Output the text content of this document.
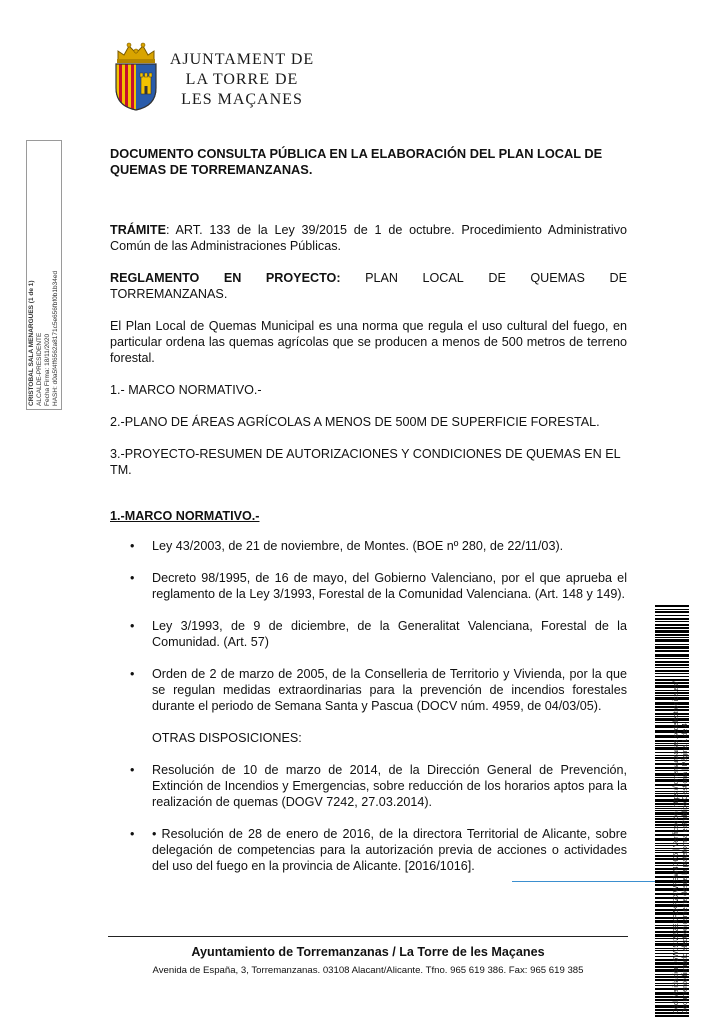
AJUNTAMENT DE
LA TORRE DE
LES MAÇANES
CRISTOBAL SALA MENARGUES (1 de 1) ALCALDE-PRESIDENTE Fecha Firma: 18/11/2020 HASH: d0a5f4ff6562a8171c5e656fbf0b1b34ed

DOCUMENTO CONSULTA PÚBLICA EN LA ELABORACIÓN DEL PLAN LOCAL DE QUEMAS DE TORREMANZANAS.

TRÁMITE: ART. 133 de la Ley 39/2015 de 1 de octubre. Procedimiento Administrativo Común de las Administraciones Públicas.

REGLAMENTO EN PROYECTO: PLAN LOCAL DE QUEMAS DE
TORREMANZANAS.

El Plan Local de Quemas Municipal es una norma que regula el uso cultural del fuego, en particular ordena las quemas agrícolas que se producen a menos de 500 metros de terreno forestal.

1.- MARCO NORMATIVO.-

2.-PLANO DE ÁREAS AGRÍCOLAS A MENOS DE 500M DE SUPERFICIE FORESTAL.

3.-PROYECTO-RESUMEN DE AUTORIZACIONES Y CONDICIONES DE QUEMAS EN EL TM.

1.-MARCO NORMATIVO.-

• Ley 43/2003, de 21 de noviembre, de Montes. (BOE nº 280, de 22/11/03).
• Decreto 98/1995, de 16 de mayo, del Gobierno Valenciano, por el que aprueba el reglamento de la Ley 3/1993, Forestal de la Comunidad Valenciana. (Art. 148 y 149).
• Ley 3/1993, de 9 de diciembre, de la Generalitat Valenciana, Forestal de la Comunidad. (Art. 57)
• Orden de 2 de marzo de 2005, de la Conselleria de Territorio y Vivienda, por la que se regulan medidas extraordinarias para la prevención de incendios forestales durante el periodo de Semana Santa y Pascua (DOCV núm. 4959, de 04/03/05).

OTRAS DISPOSICIONES:

• Resolución de 10 de marzo de 2014, de la Dirección General de Prevención, Extinción de Incendios y Emergencias, sobre reducción de los horarios aptos para la realización de quemas (DOGV 7242, 27.03.2014).
• • Resolución de 28 de enero de 2016, de la directora Territorial de Alicante, sobre delegación de competencias para la autorización previa de acciones o actividades del uso del fuego en la provincia de Alicante. [2016/1016].	Cód. Validación: 6WJ5JZ52EXFZKFZXWFSW4DK6 | Verificación: https://torremanzanas.sedelectronica.es/ Documento firmado electrónicamente desde la plataforma esPublico Gestiona | Página 1 de 4
Ayuntamiento de Torremanzanas / La Torre de les Maçanes
Avenida de España, 3, Torremanzanas. 03108 Alacant/Alicante. Tfno. 965 619 386. Fax: 965 619 385
